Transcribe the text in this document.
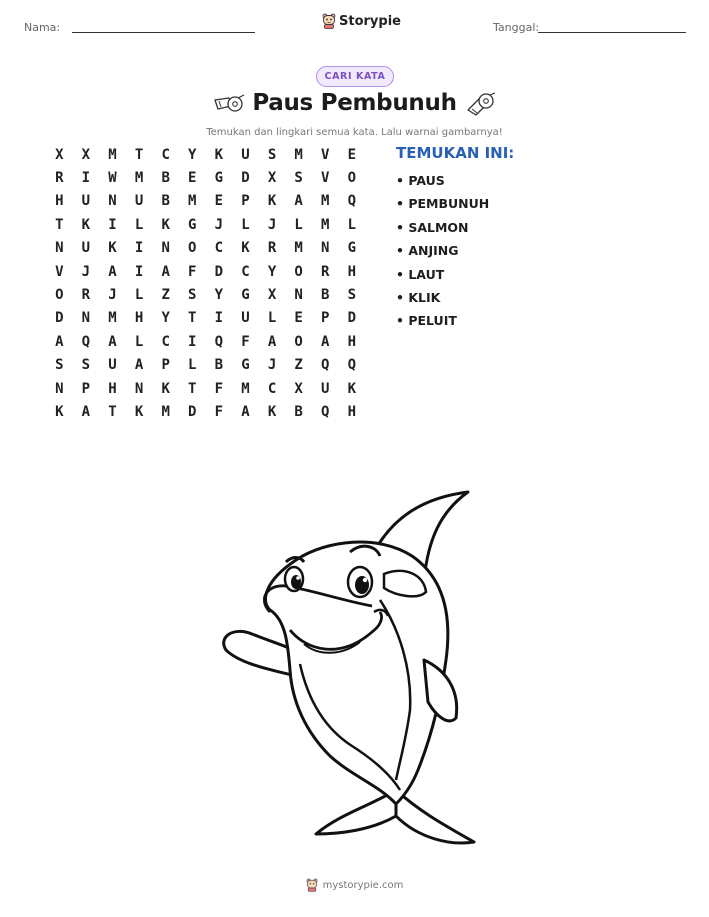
Nama:	Storypie	Tanggal:
CARI KATA
Paus Pembunuh
Temukan dan lingkari semua kata. Lalu warnai gambarnya!
X	X	M	T	C	Y	K	U	S	M	V	E
R	I	W	M	B	E	G	D	X	S	V	O
H	U	N	U	B	M	E	P	K	A	M	Q
T	K	I	L	K	G	J	L	J	L	M	L
N	U	K	I	N	O	C	K	R	M	N	G
V	J	A	I	A	F	D	C	Y	O	R	H
O	R	J	L	Z	S	Y	G	X	N	B	S
D	N	M	H	Y	T	I	U	L	E	P	D
A	Q	A	L	C	I	Q	F	A	O	A	H
S	S	U	A	P	L	B	G	J	Z	Q	Q
N	P	H	N	K	T	F	M	C	X	U	K
K	A	T	K	M	D	F	A	K	B	Q	H
TEMUKAN INI:
• PAUS
• PEMBUNUH
• SALMON
• ANJING
• LAUT
• KLIK
• PELUIT
mystorypie.com
